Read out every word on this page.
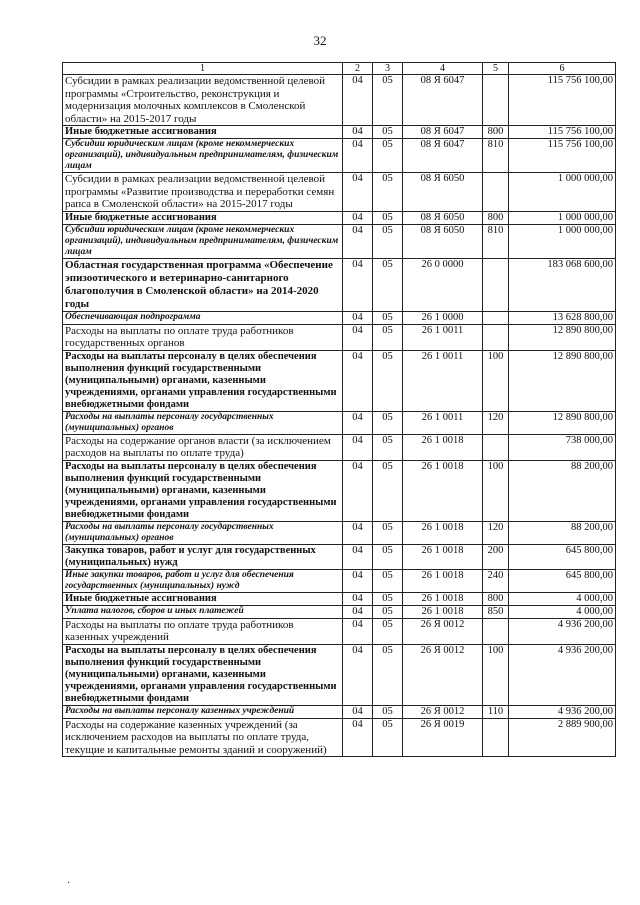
32
1	2	3	4	5	6
Субсидии в рамках реализации ведомственной целевой программы «Строительство, реконструкция и модернизация молочных комплексов в Смоленской области» на 2015-2017 годы	04	05	08 Я 6047		115 756 100,00
Иные бюджетные ассигнования	04	05	08 Я 6047	800	115 756 100,00
Субсидии юридическим лицам (кроме некоммерческих организаций), индивидуальным предпринимателям, физическим лицам	04	05	08 Я 6047	810	115 756 100,00
Субсидии в рамках реализации ведомственной целевой программы «Развитие производства и переработки семян рапса в Смоленской области» на 2015-2017 годы	04	05	08 Я 6050		1 000 000,00
Иные бюджетные ассигнования	04	05	08 Я 6050	800	1 000 000,00
Субсидии юридическим лицам (кроме некоммерческих организаций), индивидуальным предпринимателям, физическим лицам	04	05	08 Я 6050	810	1 000 000,00
Областная государственная программа «Обеспечение эпизоотического и ветеринарно-санитарного благополучия в Смоленской области» на 2014-2020 годы	04	05	26 0 0000		183 068 600,00
Обеспечивающая подпрограмма	04	05	26 1 0000		13 628 800,00
Расходы на выплаты по оплате труда работников государственных органов	04	05	26 1 0011		12 890 800,00
Расходы на выплаты персоналу в целях обеспечения выполнения функций государственными (муниципальными) органами, казенными учреждениями, органами управления государственными внебюджетными фондами	04	05	26 1 0011	100	12 890 800,00
Расходы на выплаты персоналу государственных (муниципальных) органов	04	05	26 1 0011	120	12 890 800,00
Расходы на содержание органов власти (за исключением расходов на выплаты по оплате труда)	04	05	26 1 0018		738 000,00
Расходы на выплаты персоналу в целях обеспечения выполнения функций государственными (муниципальными) органами, казенными учреждениями, органами управления государственными внебюджетными фондами	04	05	26 1 0018	100	88 200,00
Расходы на выплаты персоналу государственных (муниципальных) органов	04	05	26 1 0018	120	88 200,00
Закупка товаров, работ и услуг для государственных (муниципальных) нужд	04	05	26 1 0018	200	645 800,00
Иные закупки товаров, работ и услуг для обеспечения государственных (муниципальных) нужд	04	05	26 1 0018	240	645 800,00
Иные бюджетные ассигнования	04	05	26 1 0018	800	4 000,00
Уплата налогов, сборов и иных платежей	04	05	26 1 0018	850	4 000,00
Расходы на выплаты по оплате труда работников казенных учреждений	04	05	26 Я 0012		4 936 200,00
Расходы на выплаты персоналу в целях обеспечения выполнения функций государственными (муниципальными) органами, казенными учреждениями, органами управления государственными внебюджетными фондами	04	05	26 Я 0012	100	4 936 200,00
Расходы на выплаты персоналу казенных учреждений	04	05	26 Я 0012	110	4 936 200,00
Расходы на содержание казенных учреждений (за исключением расходов на выплаты по оплате труда, текущие и капитальные ремонты зданий и сооружений)	04	05	26 Я 0019		2 889 900,00
·
